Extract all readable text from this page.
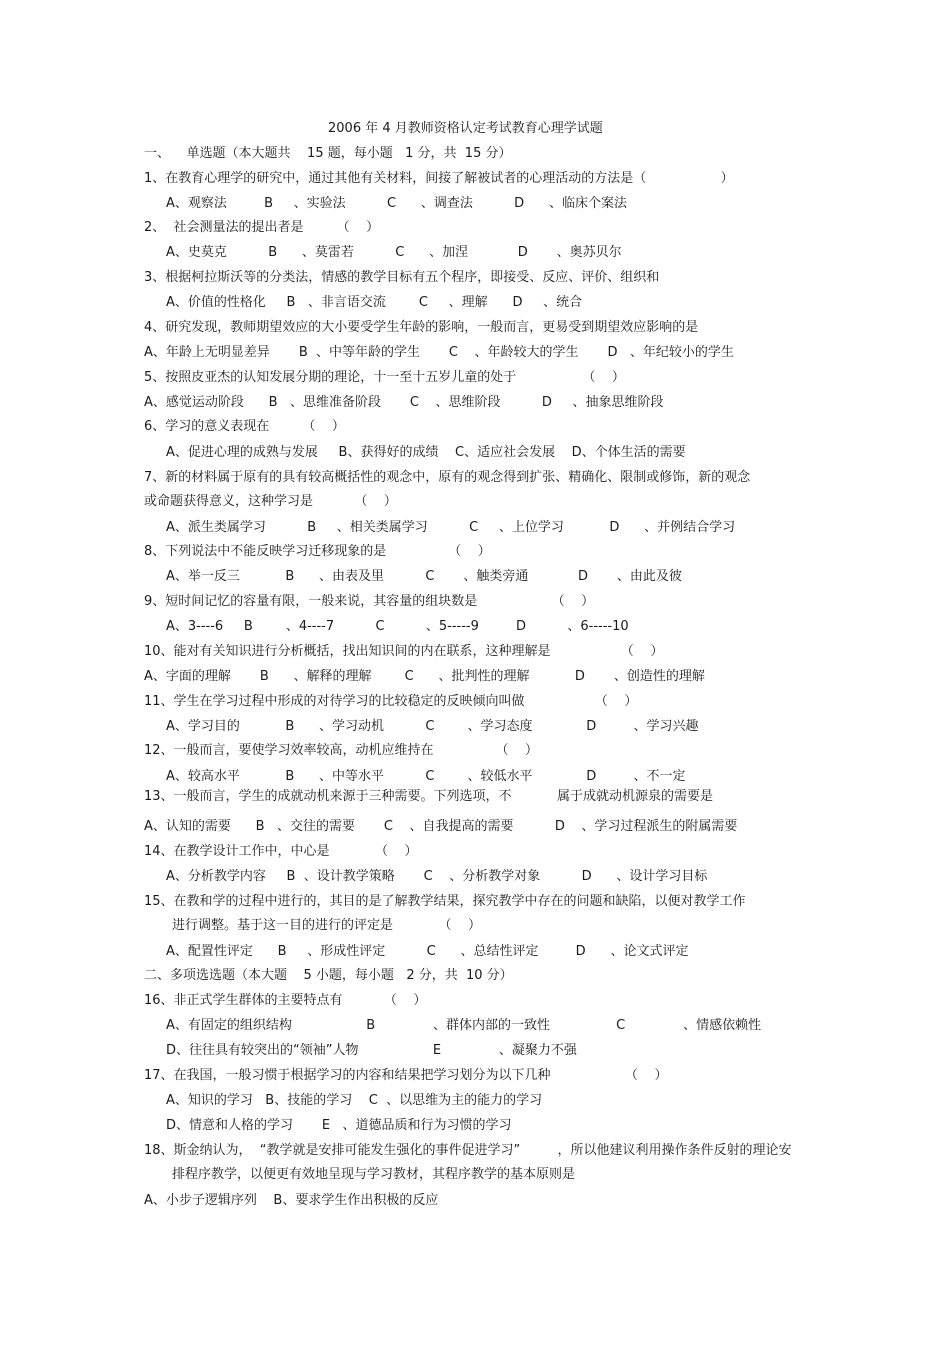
2006 年 4 月教师资格认定考试教育心理学试题
一、    单选题（本大题共    15 题，每小题   1 分，共  15 分）
1、在教育心理学的研究中，通过其他有关材料，间接了解被试者的心理活动的方法是（                  ）
A、观察法         B     、实验法          C      、调查法          D      、临床个案法
2、  社会测量法的提出者是        （    ）
A、史莫克          B      、莫雷若          C      、加涅            D       、奥苏贝尔
3、根据柯拉斯沃等的分类法，情感的教学目标有五个程序，即接受、反应、评价、组织和
A、价值的性格化     B   、非言语交流        C     、理解      D     、统合
4、研究发现，教师期望效应的大小要受学生年龄的影响，一般而言，更易受到期望效应影响的是
A、年龄上无明显差异       B  、中等年龄的学生       C    、年龄较大的学生       D   、年纪较小的学生
5、按照皮亚杰的认知发展分期的理论，十一至十五岁儿童的处于                （    ）
A、感觉运动阶段      B   、思维准备阶段       C    、思维阶段          D     、抽象思维阶段
6、学习的意义表现在        （    ）
A、促进心理的成熟与发展     B、获得好的成绩    C、适应社会发展    D、个体生活的需要
7、新的材料属于原有的具有较高概括性的观念中，原有的观念得到扩张、精确化、限制或修饰，新的观念
或命题获得意义，这种学习是          （    ）
A、派生类属学习          B     、相关类属学习          C     、上位学习           D      、并例结合学习
8、下列说法中不能反映学习迁移现象的是               （    ）
A、举一反三           B      、由表及里          C       、触类旁通            D       、由此及彼
9、短时间记忆的容量有限，一般来说，其容量的组块数是                  （    ）
A、3----6     B        、4----7          C          、5-----9         D          、6-----10
10、能对有关知识进行分析概括，找出知识间的内在联系，这种理解是                 （    ）
A、字面的理解       B      、解释的理解        C      、批判性的理解           D       、创造性的理解
11、学生在学习过程中形成的对待学习的比较稳定的反映倾向叫做                 （    ）
A、学习目的           B      、学习动机          C        、学习态度             D         、学习兴趣
12、一般而言，要使学习效率较高，动机应维持在               （    ）
A、较高水平           B      、中等水平          C        、较低水平             D         、不一定
13、一般而言，学生的成就动机来源于三种需要。下列选项，不           属于成就动机源泉的需要是
A、认知的需要      B   、交往的需要       C    、自我提高的需要          D    、学习过程派生的附属需要
14、在教学设计工作中，中心是           （    ）
A、分析教学内容     B  、设计教学策略       C    、分析教学对象          D      、设计学习目标
15、在教和学的过程中进行的，其目的是了解教学结果，探究教学中存在的问题和缺陷，以便对教学工作
进行调整。基于这一目的进行的评定是           （    ）
A、配置性评定      B     、形成性评定          C      、总结性评定         D      、论文式评定
二、多项选选题（本大题    5 小题，每小题   2 分，共  10 分）
16、非正式学生群体的主要特点有          （    ）
A、有固定的组织结构                  B              、群体内部的一致性                C              、情感依赖性
D、往往具有较突出的“领袖”人物                  E              、凝聚力不强
17、在我国，一般习惯于根据学习的内容和结果把学习划分为以下几种                  （    ）
A、知识的学习   B、技能的学习    C  、以思维为主的能力的学习
D、情意和人格的学习       E   、道德品质和行为习惯的学习
18、斯金纳认为，  “教学就是安排可能发生强化的事件促进学习”         ，所以他建议利用操作条件反射的理论安
排程序教学，以便更有效地呈现与学习教材，其程序教学的基本原则是
A、小步子逻辑序列    B、要求学生作出积极的反应
